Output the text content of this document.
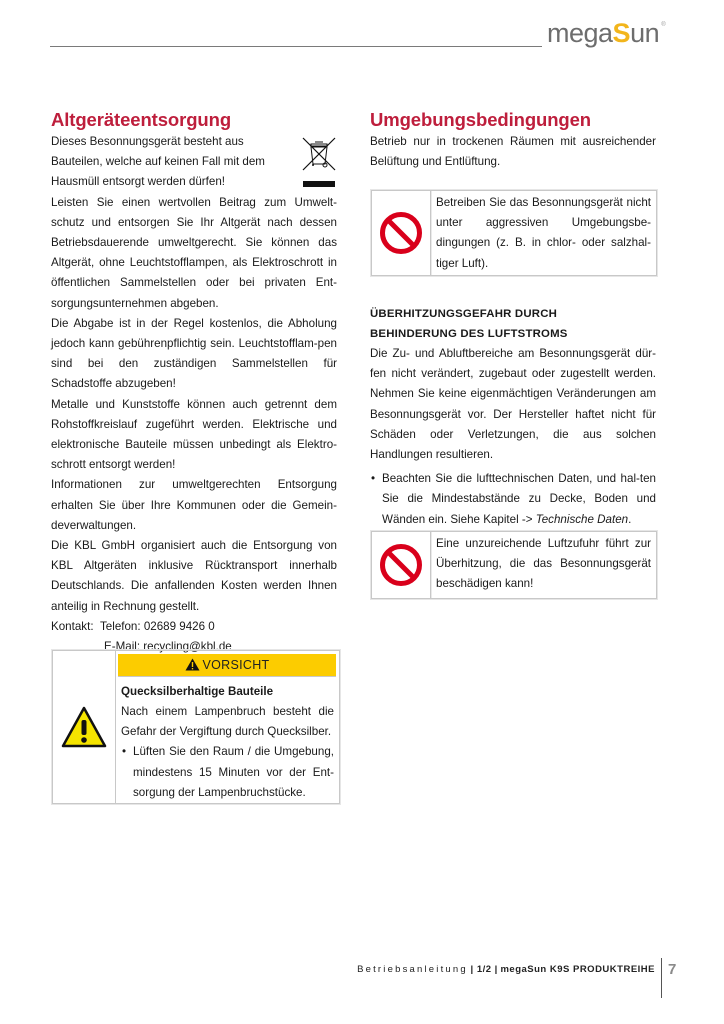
megaSun ®
Altgeräteentsorgung

Dieses Besonnungsgerät besteht aus

Bauteilen, welche auf keinen Fall mit dem

Hausmüll entsorgt werden dürfen!

Leisten Sie einen wertvollen Beitrag zum Umwelt-schutz und entsorgen Sie Ihr Altgerät nach dessen Betriebsdauerende umweltgerecht. Sie können das Altgerät, ohne Leuchtstofflampen, als Elektroschrott in öffentlichen Sammelstellen oder bei privaten Ent-sorgungsunternehmen abgeben.

Die Abgabe ist in der Regel kostenlos, die Abholung jedoch kann gebührenpflichtig sein. Leuchtstofflam-pen sind bei den zuständigen Sammelstellen für Schadstoffe abzugeben!

Metalle und Kunststoffe können auch getrennt dem Rohstoffkreislauf zugeführt werden. Elektrische und elektronische Bauteile müssen unbedingt als Elektro-schrott entsorgt werden!

Informationen zur umweltgerechten Entsorgung erhalten Sie über Ihre Kommunen oder die Gemein-deverwaltungen.

Die KBL GmbH organisiert auch die Entsorgung von KBL Altgeräten inklusive Rücktransport innerhalb Deutschlands. Die anfallenden Kosten werden Ihnen anteilig in Rechnung gestellt.

Kontakt: Telefon: 02689 9426 0

E-Mail: recycling@kbl.de

VORSICHT
Quecksilberhaltige Bauteile

Nach einem Lampenbruch besteht die Gefahr der Vergiftung durch Quecksilber.

• Lüften Sie den Raum / die Umgebung, mindestens 15 Minuten vor der Ent-sorgung der Lampenbruchstücke.
Umgebungsbedingungen

Betrieb nur in trockenen Räumen mit ausreichender Belüftung und Entlüftung.

Betreiben Sie das Besonnungsgerät nicht unter aggressiven Umgebungsbe-dingungen (z. B. in chlor- oder salzhal-tiger Luft).

ÜBERHITZUNGSGEFAHR DURCH

BEHINDERUNG DES LUFTSTROMS

Die Zu- und Abluftbereiche am Besonnungsgerät dür-fen nicht verändert, zugebaut oder zugestellt werden. Nehmen Sie keine eigenmächtigen Veränderungen am Besonnungsgerät vor. Der Hersteller haftet nicht für Schäden oder Verletzungen, die aus solchen Handlungen resultieren.

• Beachten Sie die lufttechnischen Daten, und hal-ten Sie die Mindestabstände zu Decke, Boden und Wänden ein. Siehe Kapitel -> Technische Daten.
Eine unzureichende Luftzufuhr führt zur Überhitzung, die das Besonnungsgerät beschädigen kann!
Betriebsanleitung | 1/2 | megaSun K9S PRODUKTREIHE 7
